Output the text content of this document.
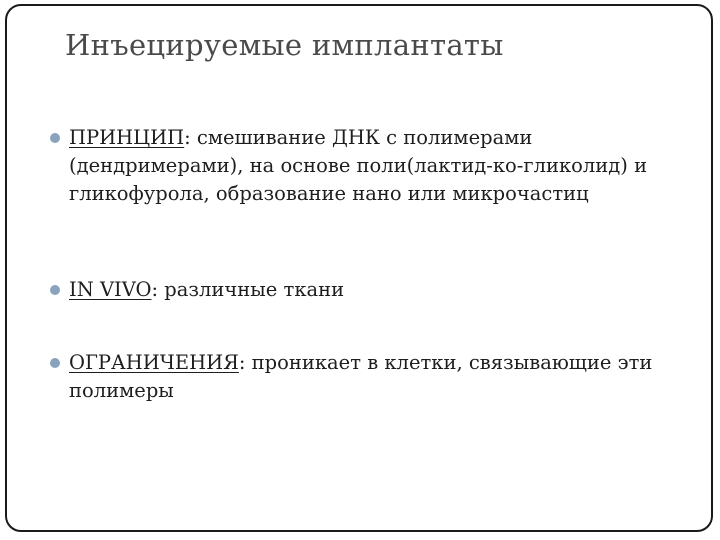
Инъецируемые имплантаты
ПРИНЦИП: смешивание ДНК с полимерами (дендримерами), на основе поли(лактид-ко-гликолид) и гликофурола, образование нано или микрочастиц
IN VIVO: различные ткани
ОГРАНИЧЕНИЯ: проникает в клетки, связывающие эти полимеры
